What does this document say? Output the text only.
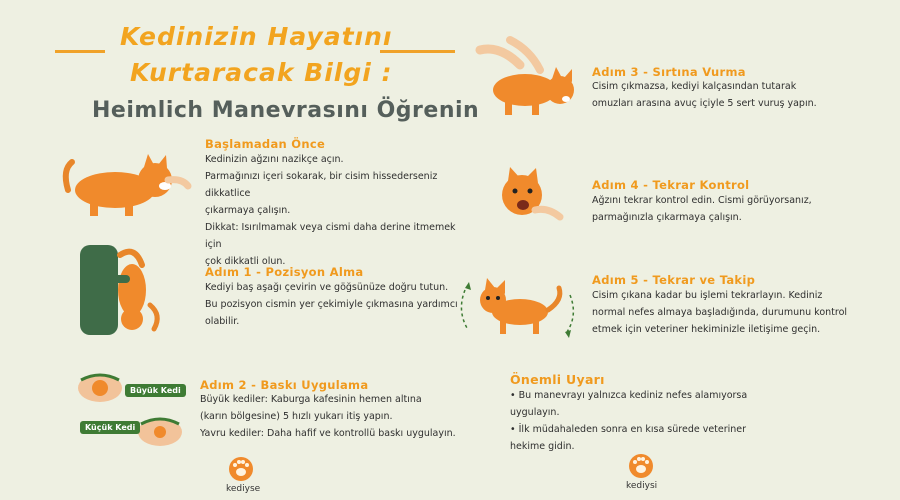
Kedinizin Hayatını
Kurtaracak Bilgi :
Heimlich Manevrasını Öğrenin
Başlamadan Önce
Kedinizin ağzını nazikçe açın.
Parmağınızı içeri sokarak, bir cisim hissederseniz dikkatlice
çıkarmaya çalışın.
Dikkat: Isırılmamak veya cismi daha derine itmemek için
çok dikkatli olun.
Adım 1 - Pozisyon Alma
Kediyi baş aşağı çevirin ve göğsünüze doğru tutun.
Bu pozisyon cismin yer çekimiyle çıkmasına yardımcı
olabilir.
Büyük Kedi
Küçük Kedi
Adım 2 - Baskı Uygulama
Büyük kediler: Kaburga kafesinin hemen altına
(karın bölgesine) 5 hızlı yukarı itiş yapın.
Yavru kediler: Daha hafif ve kontrollü baskı uygulayın.
kediyse	kediysi
Adım 3 - Sırtına Vurma
Cisim çıkmazsa, kediyi kalçasından tutarak
omuzları arasına avuç içiyle 5 sert vuruş yapın.
Adım 4 - Tekrar Kontrol
Ağzını tekrar kontrol edin. Cismi görüyorsanız,
parmağınızla çıkarmaya çalışın.
Adım 5 - Tekrar ve Takip
Cisim çıkana kadar bu işlemi tekrarlayın. Kediniz
normal nefes almaya başladığında, durumunu kontrol
etmek için veteriner hekiminizle iletişime geçin.
Önemli Uyarı
• Bu manevrayı yalnızca kediniz nefes alamıyorsa
uygulayın.
• İlk müdahaleden sonra en kısa sürede veteriner
hekime gidin.
